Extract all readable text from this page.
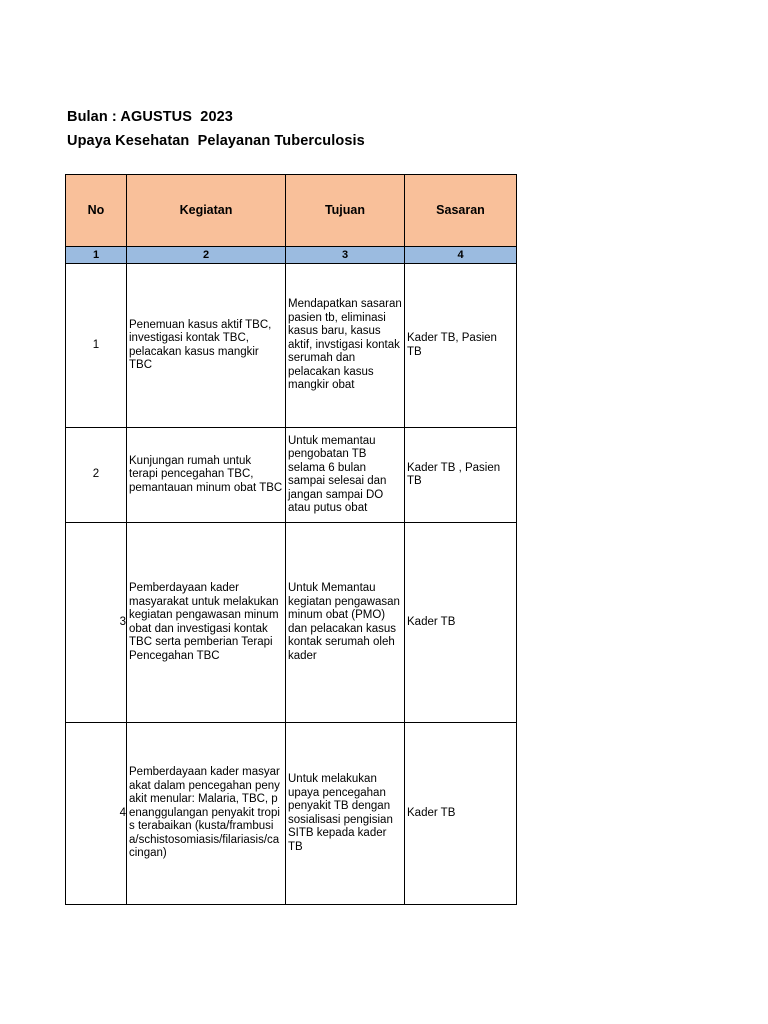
Bulan : AGUSTUS  2023
Upaya Kesehatan  Pelayanan Tuberculosis
No	Kegiatan	Tujuan	Sasaran
1	2	3	4
1	Penemuan kasus aktif TBC, investigasi kontak TBC, pelacakan kasus mangkir TBC	Mendapatkan sasaran pasien tb, eliminasi kasus baru, kasus aktif, invstigasi kontak serumah dan pelacakan kasus mangkir obat	Kader TB, Pasien TB
2	Kunjungan rumah untuk terapi pencegahan TBC, pemantauan minum obat TBC	Untuk memantau pengobatan TB selama 6 bulan sampai selesai dan jangan sampai DO atau putus obat	Kader TB , Pasien TB
3	Pemberdayaan kader masyarakat untuk melakukan kegiatan pengawasan minum obat dan investigasi kontak TBC serta pemberian Terapi Pencegahan TBC	Untuk Memantau kegiatan pengawasan minum obat (PMO) dan pelacakan kasus kontak serumah oleh kader	Kader TB
4	Pemberdayaan kader masyarakat dalam pencegahan penyakit menular: Malaria, TBC, penanggulangan penyakit tropis terabaikan (kusta/frambusia/schistosomiasis/filariasis/cacingan)	Untuk melakukan upaya pencegahan penyakit TB dengan sosialisasi pengisian SITB kepada kader TB	Kader TB
